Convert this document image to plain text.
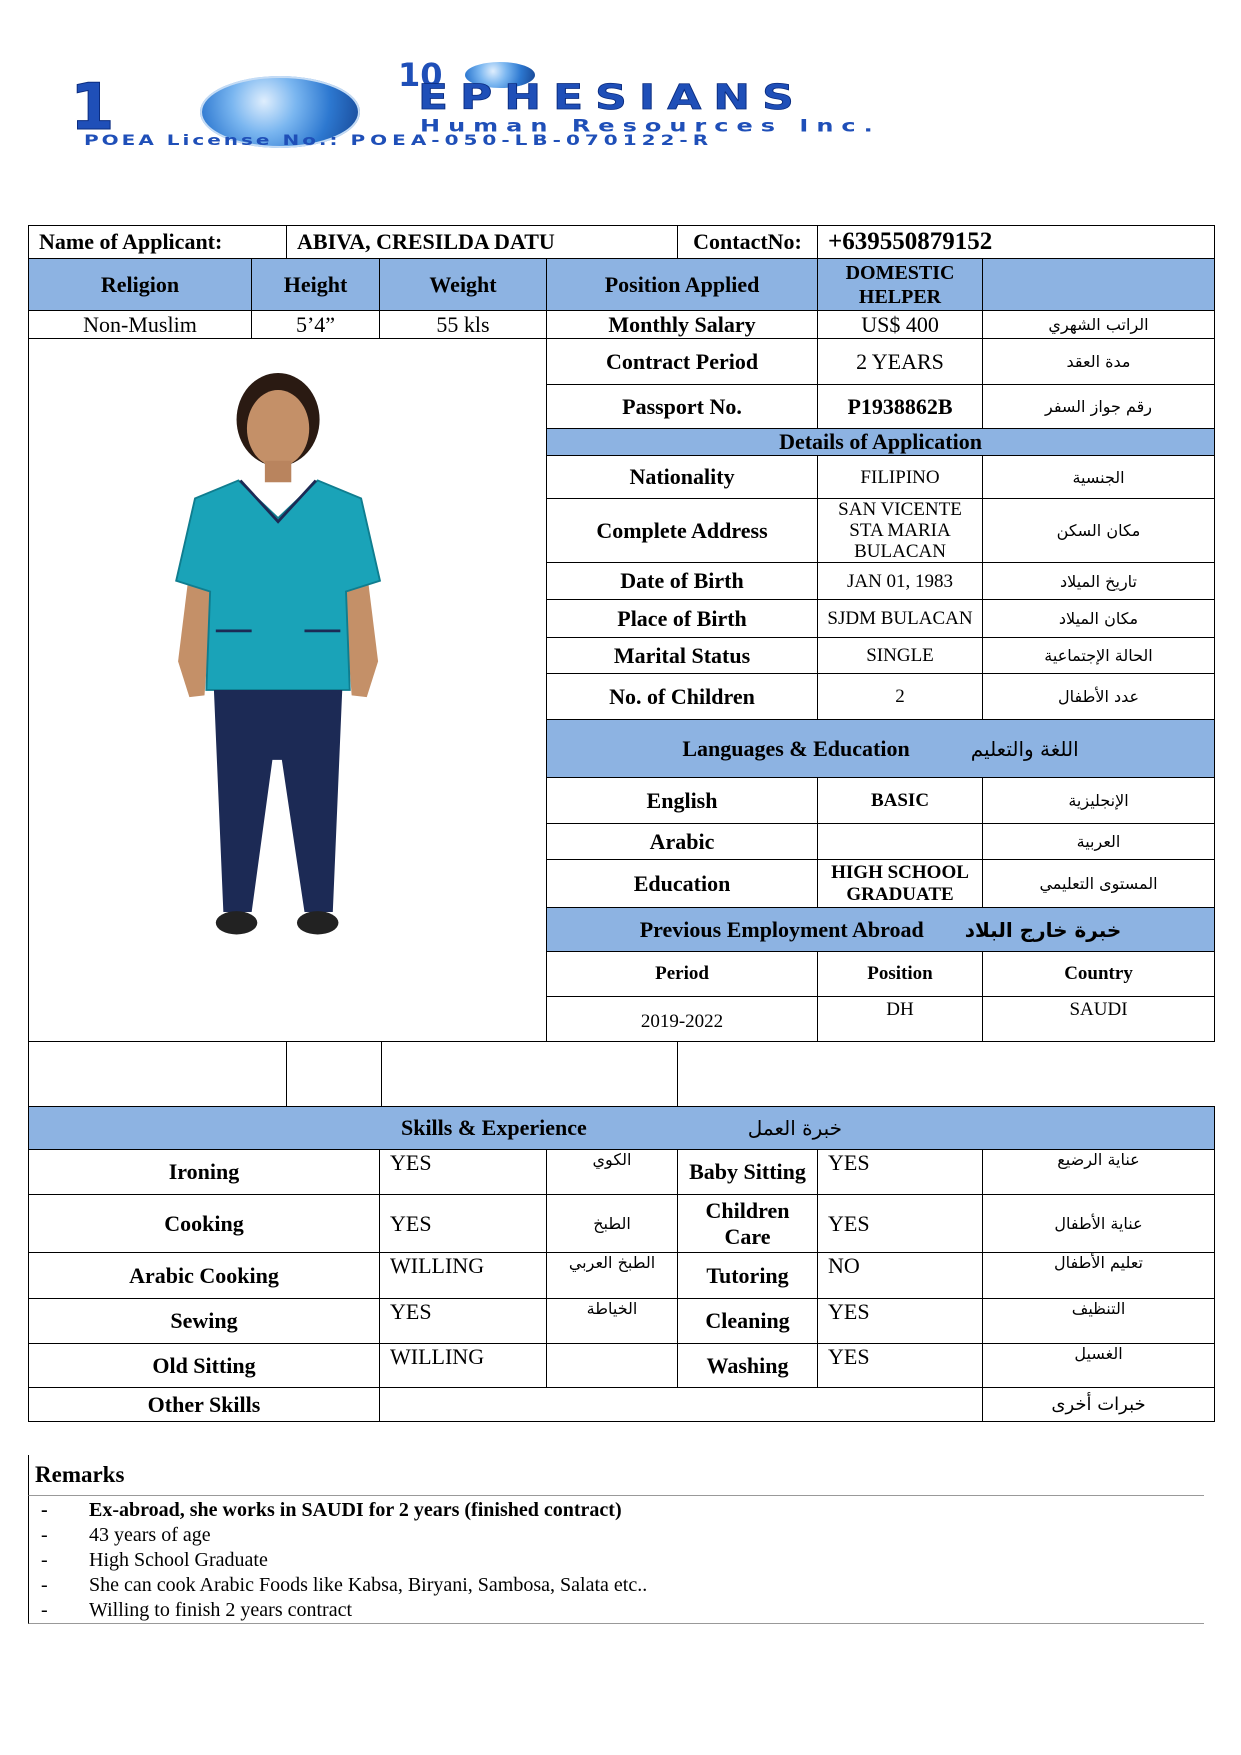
1	10
EPHESIANS
Human Resources Inc.
POEA License No.: POEA-050-LB-070122-R
Name of Applicant:		ABIVA, CRESILDA DATU				ContactNo:	+639550879152	
Religion	Height		Weight		Position Applied		DOMESTIC HELPER	
Non-Muslim	5’4”		55 kls		Monthly Salary		US$ 400	الراتب الشهري

	Contract Period		2 YEARS	مدة العقد
					Passport No.		P1938862B	رقم جواز السفر
					Details of Application			
					Nationality		FILIPINO	الجنسية
					Complete Address		SAN VICENTE STA MARIA BULACAN	مكان السكن
					Date of Birth		JAN 01, 1983	تاريخ الميلاد
					Place of Birth		SJDM BULACAN	مكان الميلاد
					Marital Status		SINGLE	الحالة الإجتماعية
					No. of Children		2	عدد الأطفال
					Languages & Education اللغة والتعليم			
					English		BASIC	الإنجليزية
					Arabic			العربية
					Education		HIGH SCHOOL GRADUATE	المستوى التعليمي
					Previous Employment Abroad خبرة خارج البلاد			
					Period		Position	Country
					2019-2022		DH	SAUDI

Skills & Experience خبرة العمل								
Ironing			YES		الكوي	Baby Sitting	YES	عناية الرضيع
Cooking			YES		الطبخ	Children Care	YES	عناية الأطفال
Arabic Cooking			WILLING		الطبخ العربي	Tutoring	NO	تعليم الأطفال
Sewing			YES		الخياطة	Cleaning	YES	التنظيف
Old Sitting			WILLING			Washing	YES	الغسيل
Other Skills								خبرات أخرى
Remarks
-	Ex-abroad, she works in SAUDI for 2 years (finished contract)
-	43 years of age
-	High School Graduate
-	She can cook Arabic Foods like Kabsa, Biryani, Sambosa, Salata etc..
-	Willing to finish 2 years contract
